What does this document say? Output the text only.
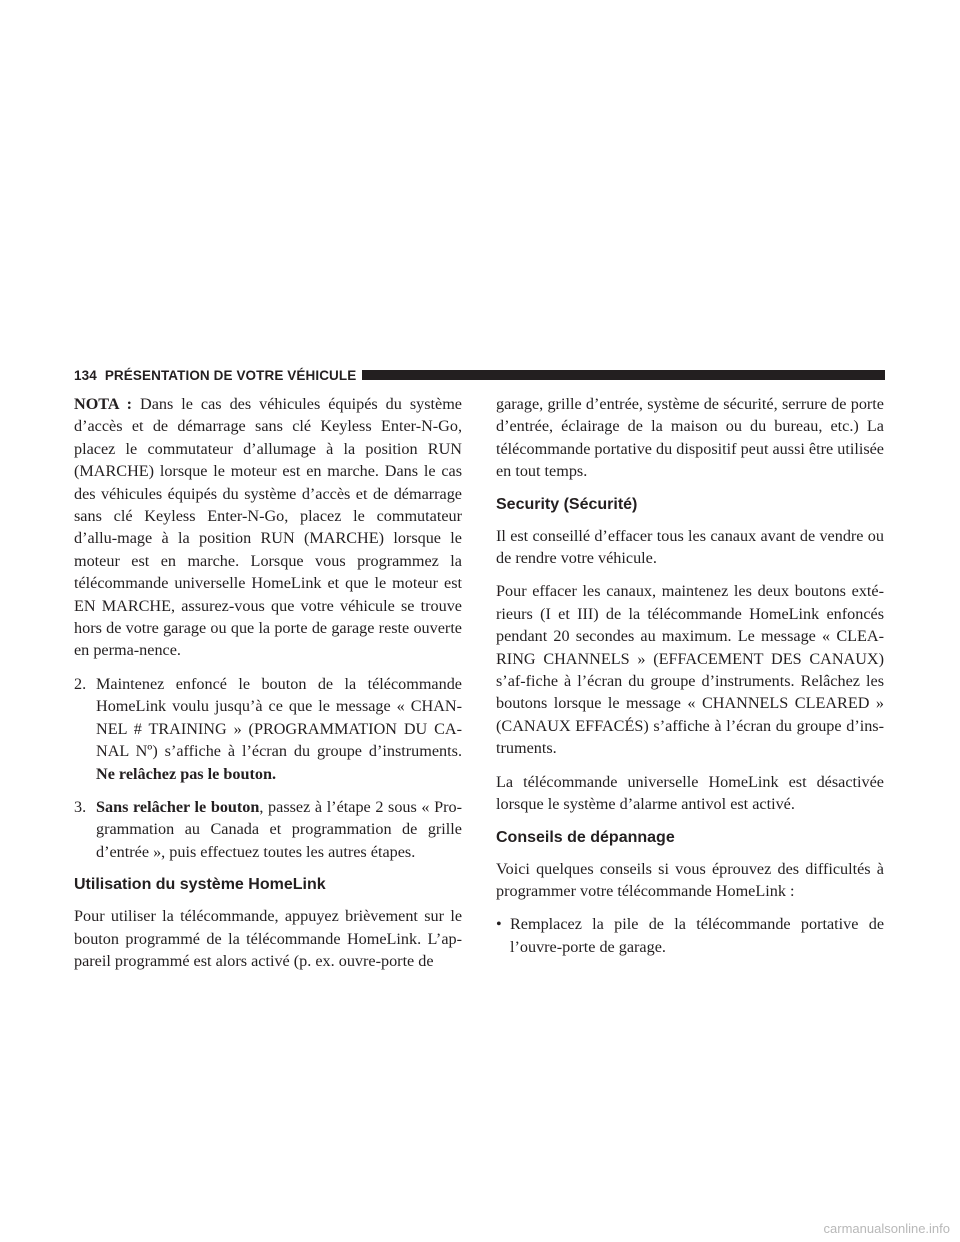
134 PRÉSENTATION DE VOTRE VÉHICULE

NOTA : Dans le cas des véhicules équipés du système d’accès et de démarrage sans clé Keyless Enter-N-Go, placez le commutateur d’allumage à la position RUN (MARCHE) lorsque le moteur est en marche. Dans le cas des véhicules équipés du système d’accès et de démarrage sans clé Keyless Enter-N-Go, placez le commutateur d’allu-mage à la position RUN (MARCHE) lorsque le moteur est en marche. Lorsque vous programmez la télécommande universelle HomeLink et que le moteur est EN MARCHE, assurez-vous que votre véhicule se trouve hors de votre garage ou que la porte de garage reste ouverte en perma-nence.

2. Maintenez enfoncé le bouton de la télécommande HomeLink voulu jusqu’à ce que le message « CHAN-NEL # TRAINING » (PROGRAMMATION DU CA-NAL Nº) s’affiche à l’écran du groupe d’instruments. Ne relâchez pas le bouton.
3. Sans relâcher le bouton, passez à l’étape 2 sous « Pro-grammation au Canada et programmation de grille d’entrée », puis effectuez toutes les autres étapes.
Utilisation du système HomeLink

Pour utiliser la télécommande, appuyez brièvement sur le bouton programmé de la télécommande HomeLink. L’ap-pareil programmé est alors activé (p. ex. ouvre-porte de

garage, grille d’entrée, système de sécurité, serrure de porte d’entrée, éclairage de la maison ou du bureau, etc.) La télécommande portative du dispositif peut aussi être utilisée en tout temps.

Security (Sécurité)

Il est conseillé d’effacer tous les canaux avant de vendre ou de rendre votre véhicule.

Pour effacer les canaux, maintenez les deux boutons exté-rieurs (I et III) de la télécommande HomeLink enfoncés pendant 20 secondes au maximum. Le message « CLEA-RING CHANNELS » (EFFACEMENT DES CANAUX) s’af-fiche à l’écran du groupe d’instruments. Relâchez les boutons lorsque le message « CHANNELS CLEARED » (CANAUX EFFACÉS) s’affiche à l’écran du groupe d’ins-truments.

La télécommande universelle HomeLink est désactivée lorsque le système d’alarme antivol est activé.

Conseils de dépannage

Voici quelques conseils si vous éprouvez des difficultés à programmer votre télécommande HomeLink :

• Remplacez la pile de la télécommande portative de l’ouvre-porte de garage.
carmanualsonline.info
